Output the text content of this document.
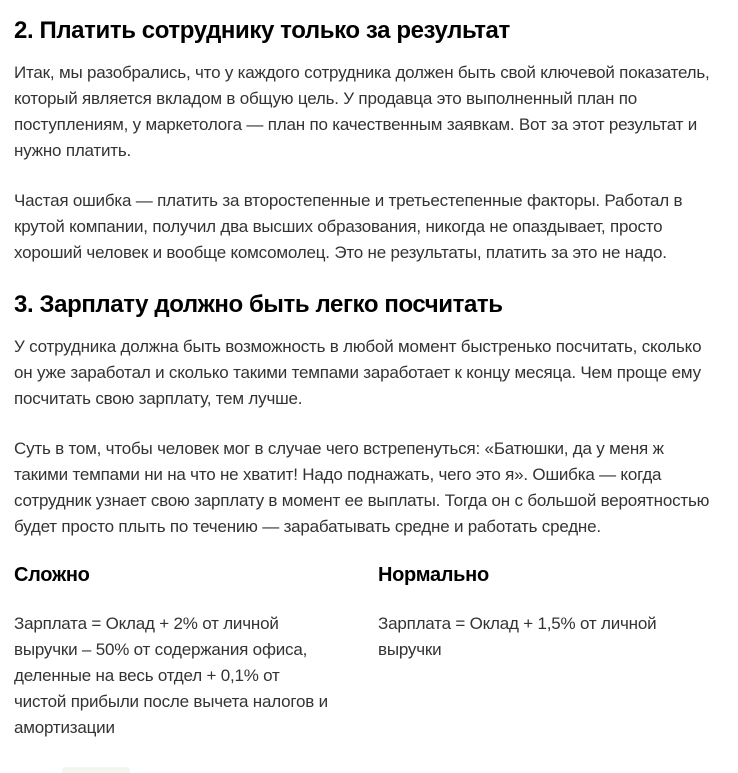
2. Платить сотруднику только за результат

Итак, мы разобрались, что у каждого сотрудника должен быть свой ключевой показатель, который является вкладом в общую цель. У продавца это выполненный план по поступлениям, у маркетолога — план по качественным заявкам. Вот за этот результат и нужно платить.

Частая ошибка — платить за второстепенные и третьестепенные факторы. Работал в крутой компании, получил два высших образования, никогда не опаздывает, просто хороший человек и вообще комсомолец. Это не результаты, платить за это не надо.

3. Зарплату должно быть легко посчитать

У сотрудника должна быть возможность в любой момент быстренько посчитать, сколько он уже заработал и сколько такими темпами заработает к концу месяца. Чем проще ему посчитать свою зарплату, тем лучше.

Суть в том, чтобы человек мог в случае чего встрепенуться: «Батюшки, да у меня ж такими темпами ни на что не хватит! Надо поднажать, чего это я». Ошибка — когда сотрудник узнает свою зарплату в момент ее выплаты. Тогда он с большой вероятностью будет просто плыть по течению — зарабатывать средне и работать средне.

Сложно

Зарплата = Оклад + 2% от личной выручки – 50% от содержания офиса, деленные на весь отдел + 0,1% от чистой прибыли после вычета налогов и амортизации

Нормально

Зарплата = Оклад + 1,5% от личной выручки
